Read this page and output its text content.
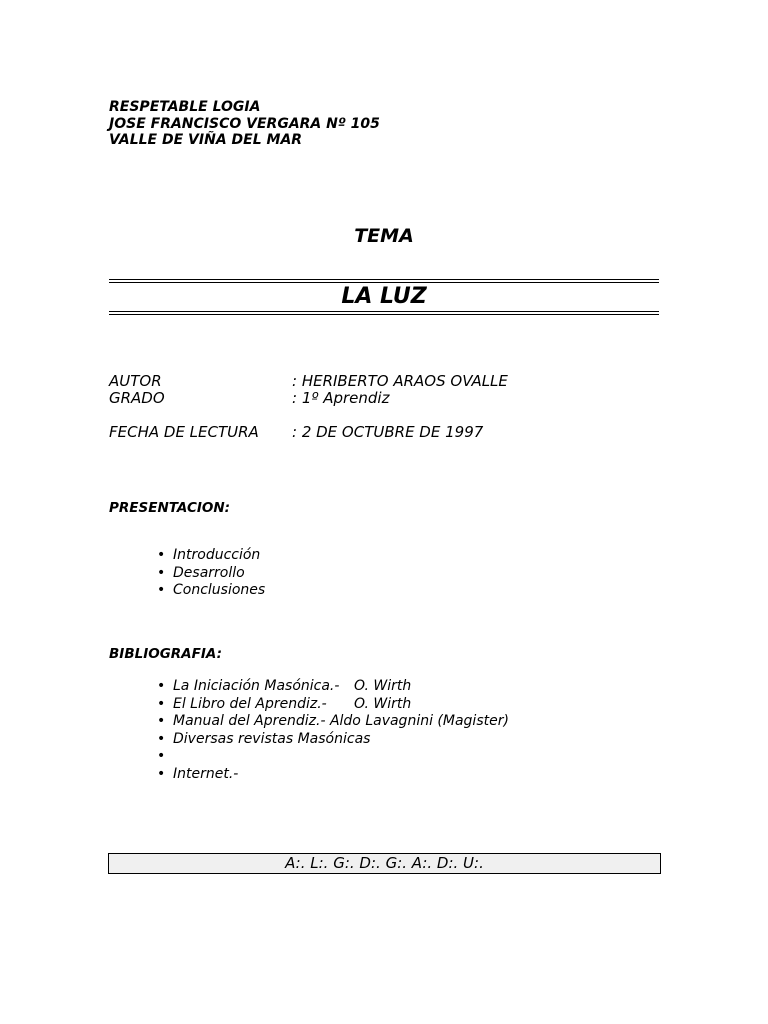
RESPETABLE LOGIA
JOSE FRANCISCO VERGARA Nº 105
VALLE DE VIÑA DEL MAR
TEMA
LA LUZ
AUTOR	: HERIBERTO ARAOS OVALLE
GRADO	: 1º Aprendiz
FECHA DE LECTURA : 2 DE OCTUBRE DE 1997
PRESENTACION:
• Introducción
• Desarrollo
• Conclusiones
BIBLIOGRAFIA:
• La Iniciación Masónica.- O. Wirth
• El Libro del Aprendiz.- O. Wirth
• Manual del Aprendiz.- Aldo Lavagnini (Magister)
• Diversas revistas Masónicas
•
• Internet.-
A:. L:. G:. D:. G:. A:. D:. U:.
